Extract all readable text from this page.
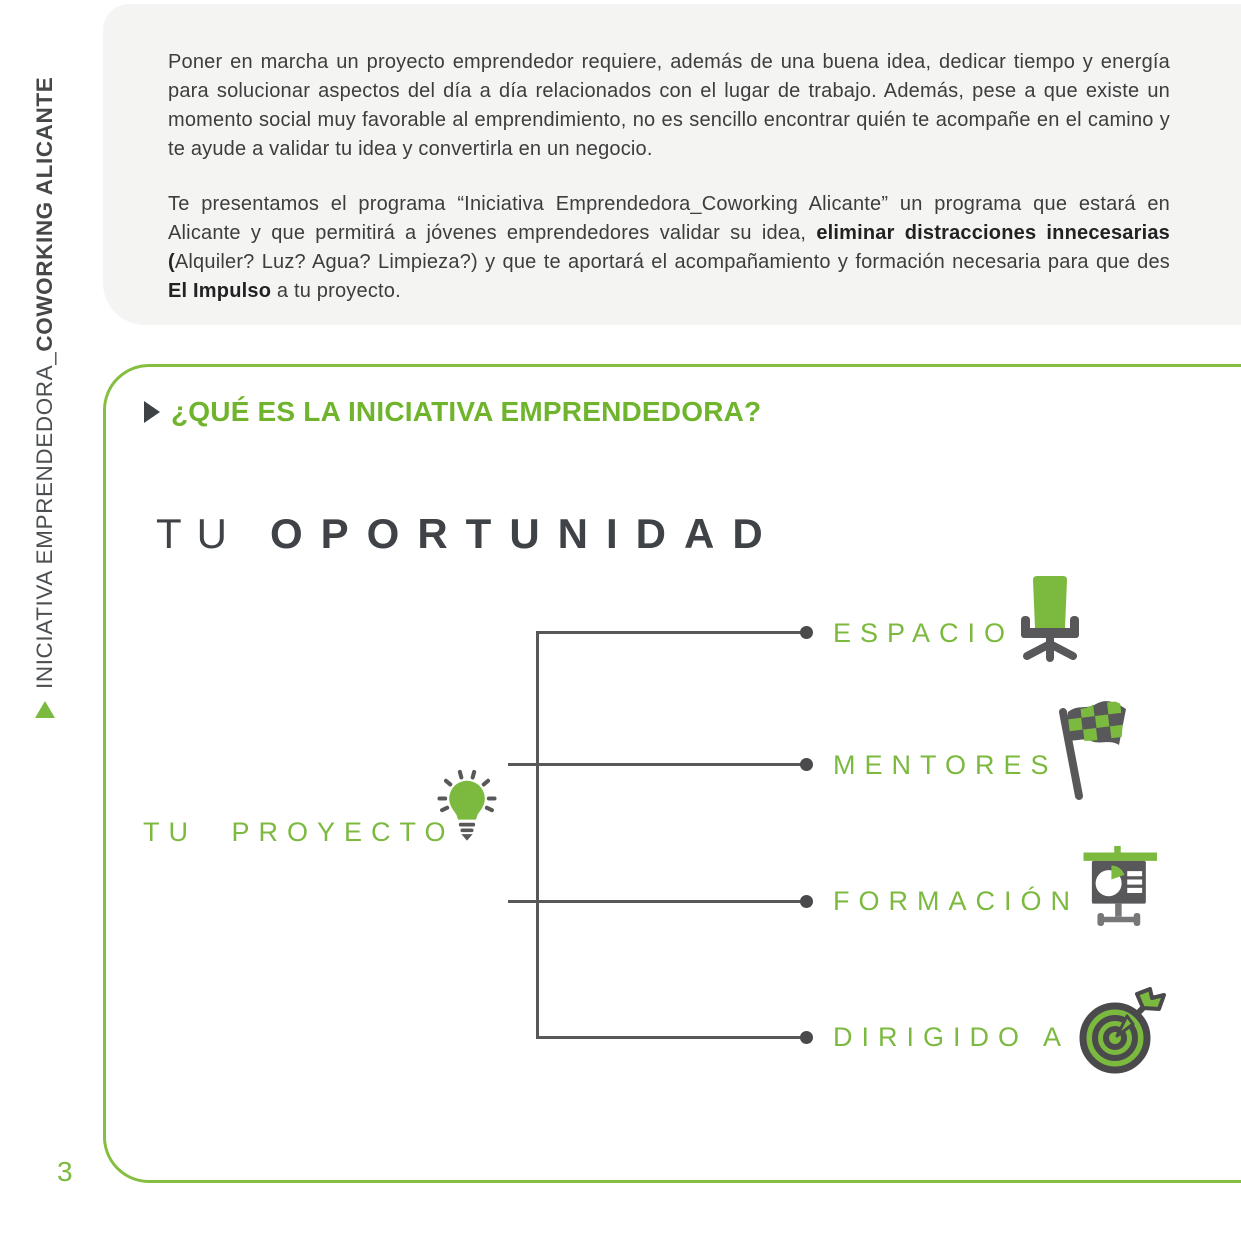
INICIATIVA EMPRENDEDORA_
COWORKING ALICANTE

Poner en marcha un proyecto emprendedor requiere, además de una buena idea, dedicar tiempo y energía para solucionar aspectos del día a día relacionados con el lugar de trabajo. Además, pese a que existe un momento social muy favorable al emprendimiento, no es sencillo encontrar quién te acompañe en el camino y te ayude a validar tu idea y convertirla en un negocio.

Te presentamos el programa “Iniciativa Emprendedora_Coworking Alicante” un programa que estará en Alicante y que permitirá a jóvenes emprendedores validar su idea, eliminar distracciones innecesarias (Alquiler? Luz? Agua? Limpieza?) y que te aportará el acompañamiento y formación necesaria para que des El Impulso a tu proyecto.

¿QUÉ ES LA INICIATIVA EMPRENDEDORA?
TU OPORTUNIDAD
TU PROYECTO
ESPACIO
MENTORES
FORMACIÓN
DIRIGIDO A
3
